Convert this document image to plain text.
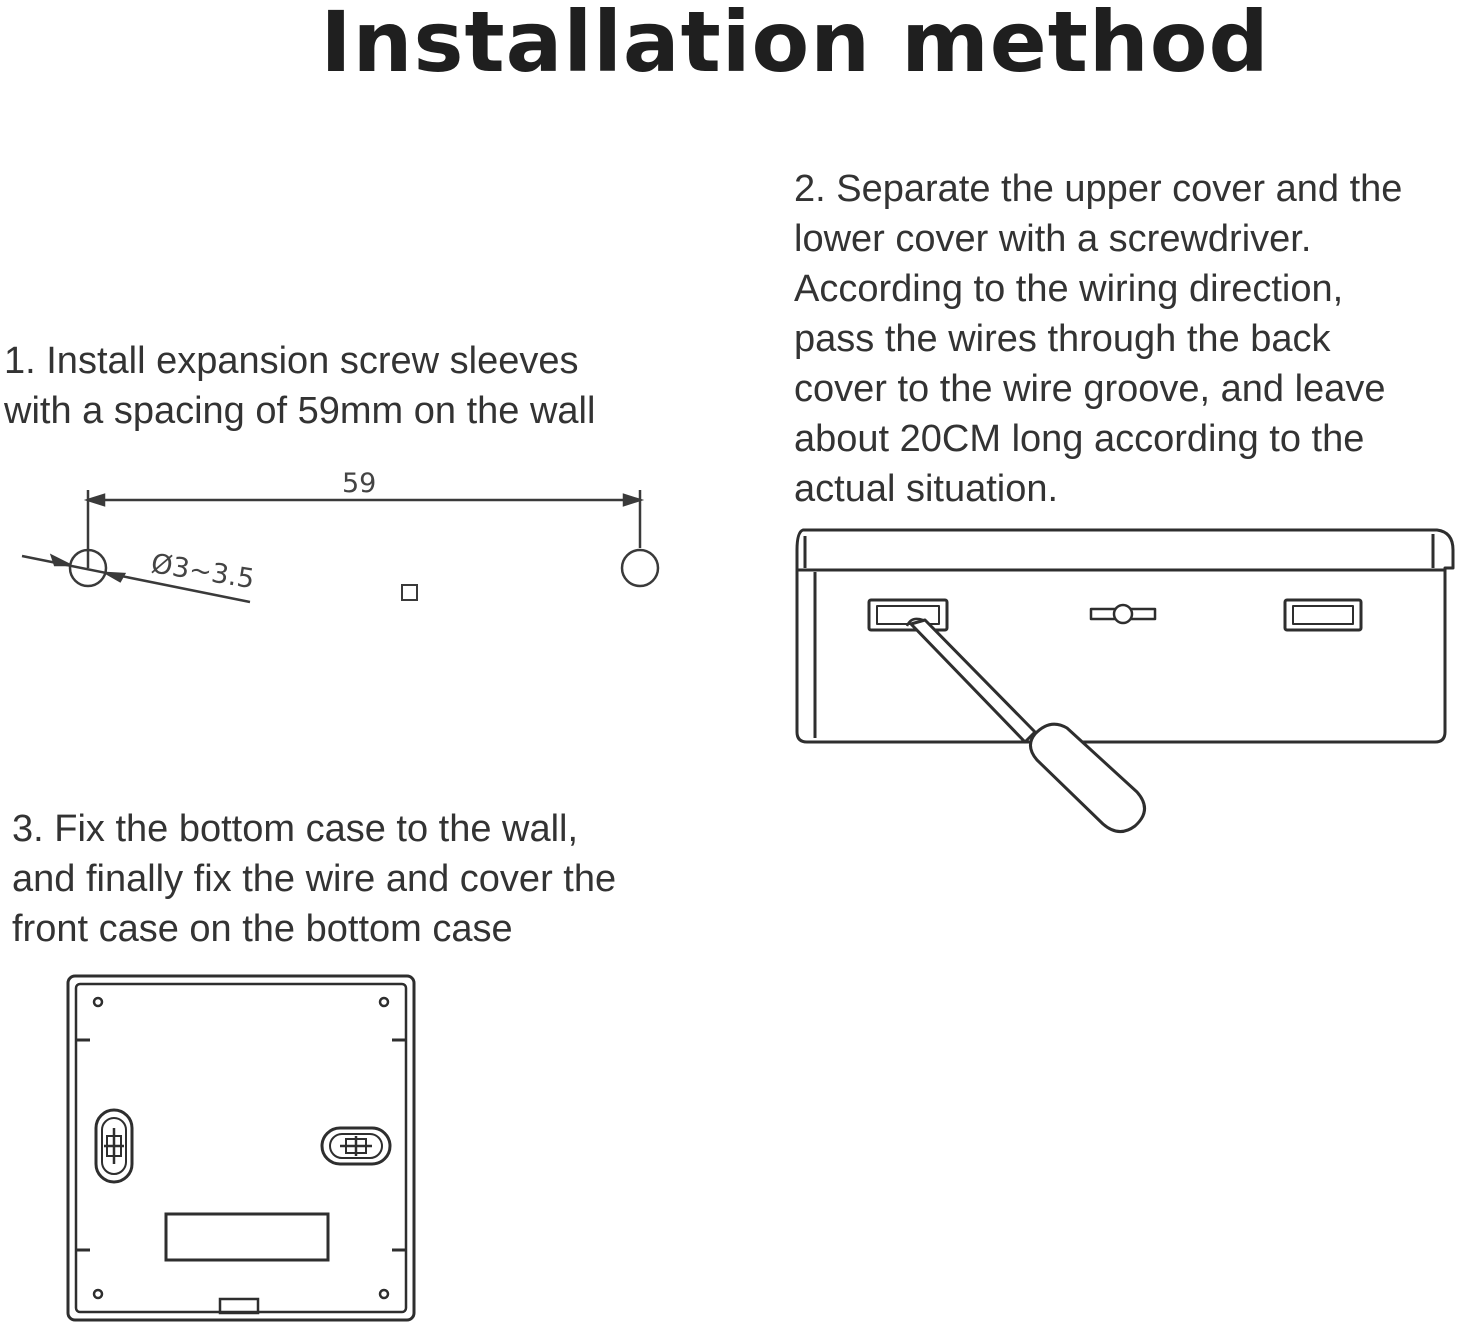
Installation method
1. Install expansion screw sleeves
with a spacing of 59mm on the wall
59
Ø3~3.5
2. Separate the upper cover and the
lower cover with a screwdriver.
According to the wiring direction,
pass the wires through the back
cover to the wire groove, and leave
about 20CM long according to the
actual situation.
3. Fix the bottom case to the wall,
and finally fix the wire and cover the
front case on the bottom case
